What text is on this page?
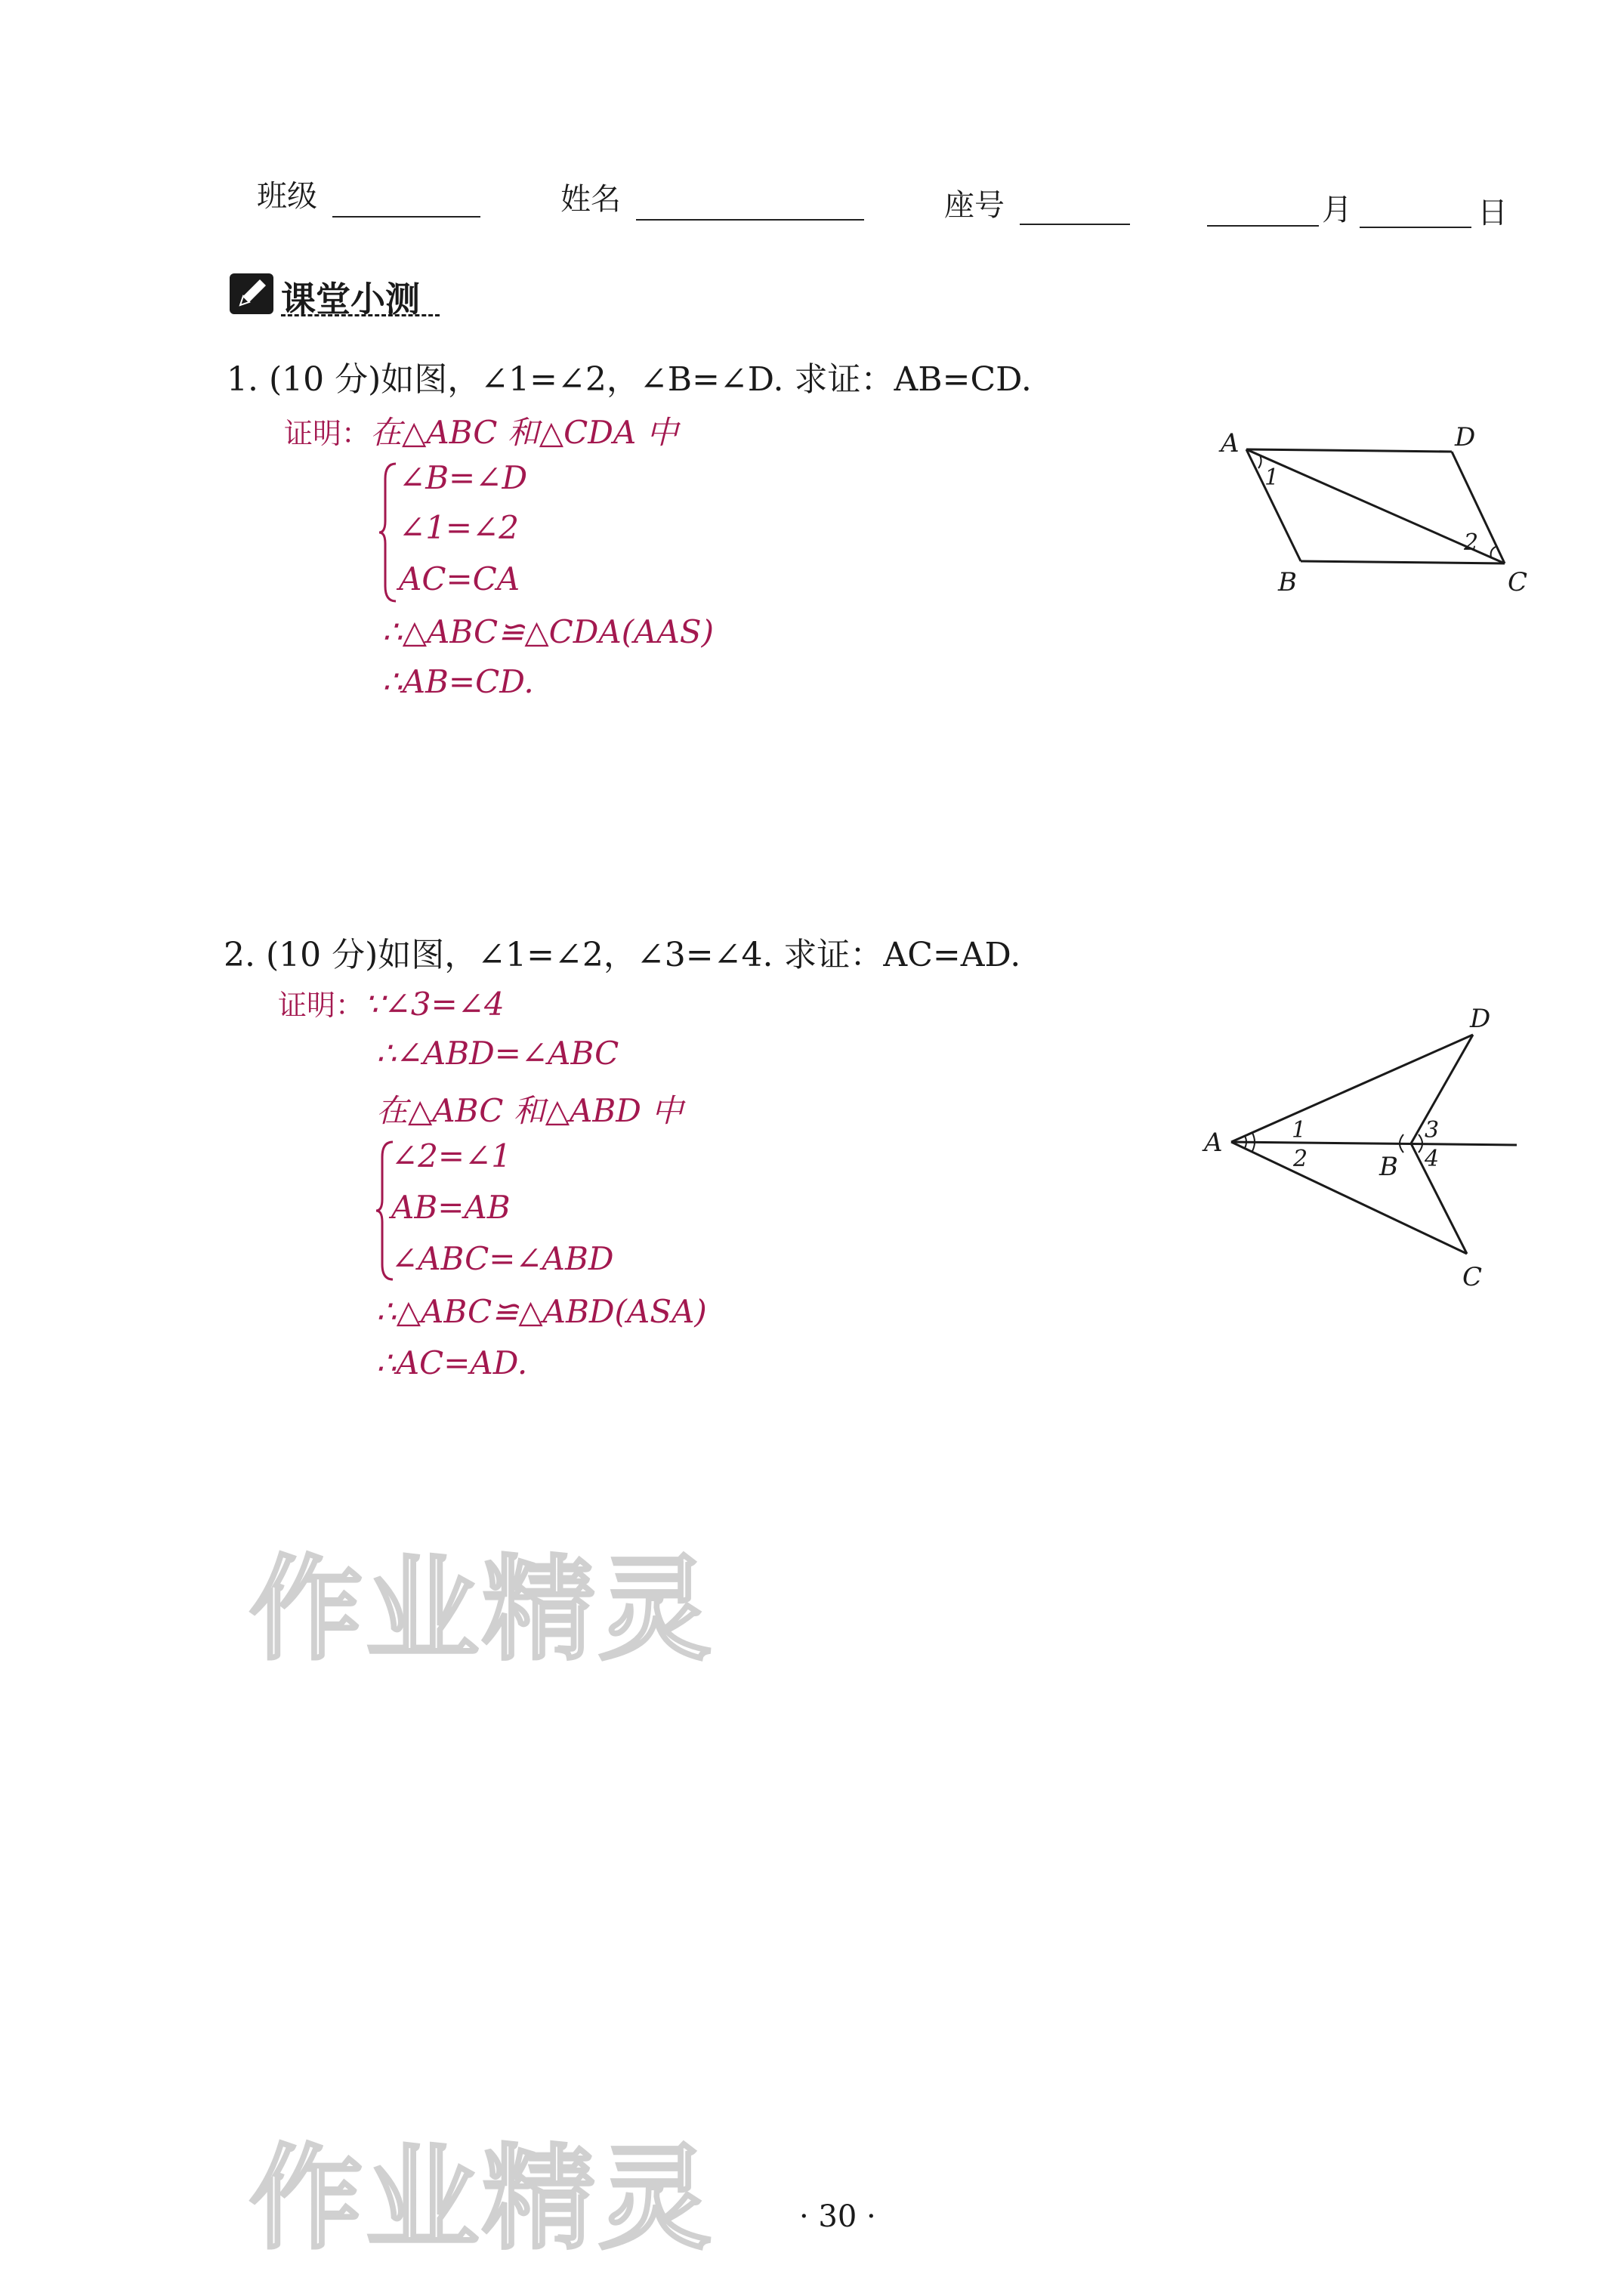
班级	姓名	座号	月	日
课堂小测
1. (10 分)如图，∠1=∠2，∠B=∠D. 求证：AB=CD.
证明：在△ABC 和△CDA 中
∠B=∠D
∠1=∠2
AC=CA
∴△ABC≌△CDA(AAS)
∴AB=CD.
A	D
B	C
1
2
2. (10 分)如图，∠1=∠2，∠3=∠4. 求证：AC=AD.
证明：∵∠3=∠4
∴∠ABD=∠ABC
在△ABC 和△ABD 中
∠2=∠1
AB=AB
∠ABC=∠ABD
∴△ABC≌△ABD(ASA)
∴AC=AD.
A
D
B
C
1
2
3
4
作业精灵
作业精灵	· 30 ·
